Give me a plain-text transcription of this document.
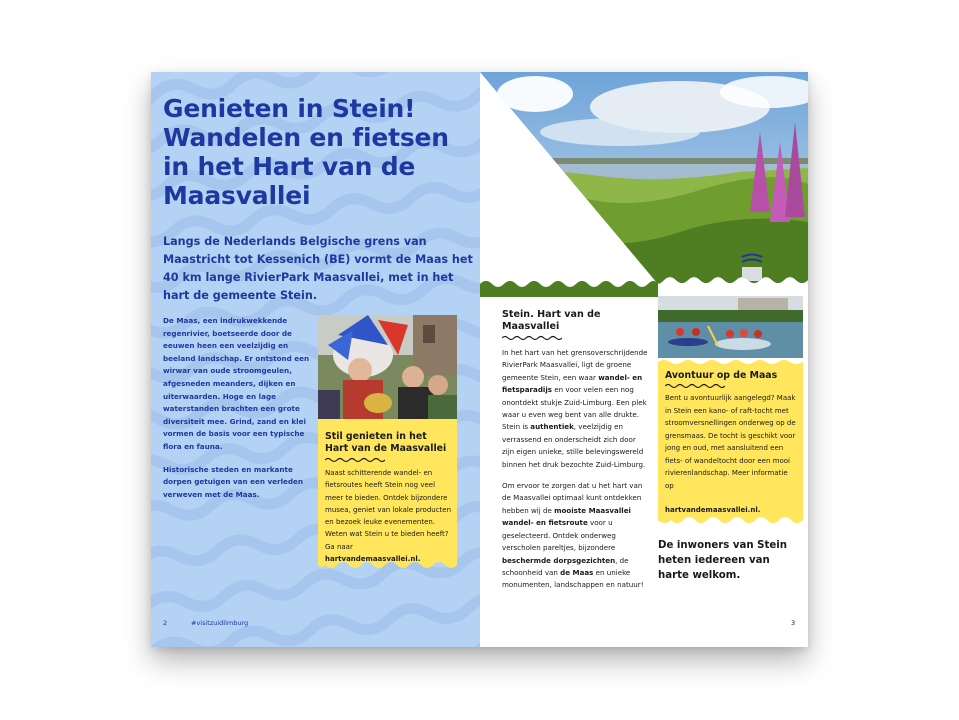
Genieten in Stein! Wandelen en fietsen in het Hart van de Maasvallei

Langs de Nederlands Belgische grens van Maastricht tot Kessenich (BE) vormt de Maas het 40 km lange RivierPark Maasvallei, met in het hart de gemeente Stein.

De Maas, een indrukwekkende regenrivier, boetseerde door de eeuwen heen een veelzijdig en beeland landschap. Er ontstond een wirwar van oude stroomgeulen, afgesneden meanders, dijken en uiterwaarden. Hoge en lage waterstanden brachten een grote diversiteit mee. Grind, zand en klei vormen de basis voor een typische flora en fauna.

Historische steden en markante dorpen getuigen van een verleden verweven met de Maas.

Stil genieten in het Hart van de Maasvallei

Naast schitterende wandel- en fietsroutes heeft Stein nog veel meer te bieden. Ontdek bijzondere musea, geniet van lokale producten en bezoek leuke evenementen. Weten wat Stein u te bieden heeft? Ga naar

hartvandemaasvallei.nl.

2	#visitzuidlimburg

Stein. Hart van de Maasvallei

In het hart van het grensoverschrijdende RivierPark Maasvallei, ligt de groene gemeente Stein, een waar wandel- en fietsparadijs en voor velen een nog onontdekt stukje Zuid-Limburg. Een plek waar u even weg bent van alle drukte. Stein is authentiek, veelzijdig en verrassend en onderscheidt zich door zijn eigen unieke, stille belevingswereld binnen het druk bezochte Zuid-Limburg.

Om ervoor te zorgen dat u het hart van de Maasvallei optimaal kunt ontdekken hebben wij de mooiste Maasvallei wandel- en fietsroute voor u geselecteerd. Ontdek onderweg verscholen pareltjes, bijzondere beschermde dorpsgezichten, de schoonheid van de Maas en unieke monumenten, landschappen en natuur!

Avontuur op de Maas

Bent u avontuurlijk aangelegd? Maak in Stein een kano- of raft-tocht met stroomversnellingen onderweg op de grensmaas. De tocht is geschikt voor jong en oud, met aansluitend een fiets- of wandeltocht door een mooi rivierenlandschap. Meer informatie op

hartvandemaasvallei.nl.

De inwoners van Stein heten iedereen van harte welkom.

3
